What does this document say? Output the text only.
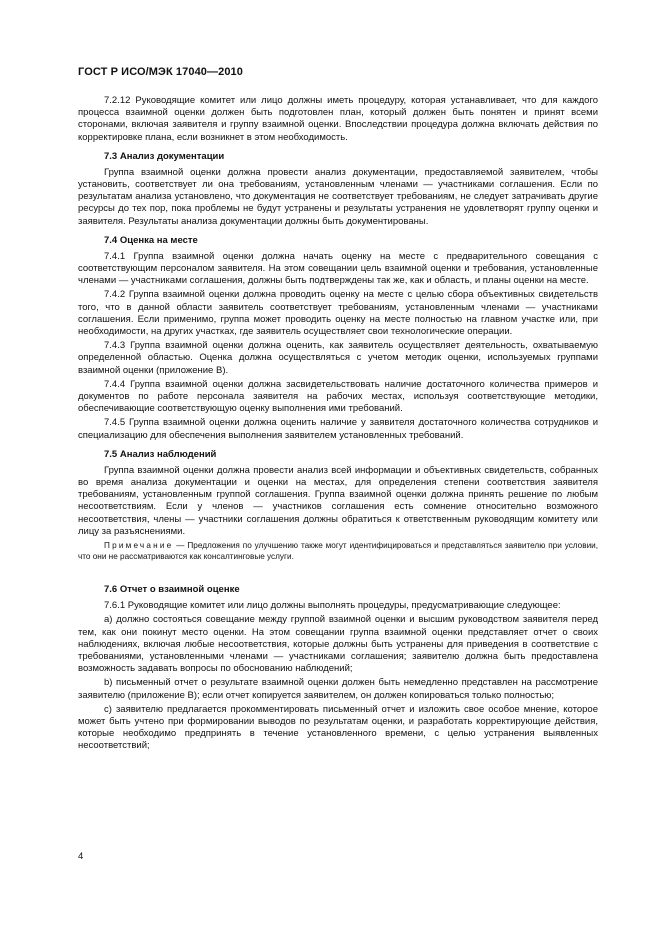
ГОСТ Р ИСО/МЭК 17040—2010

7.2.12 Руководящие комитет или лицо должны иметь процедуру, которая устанавливает, что для каждого процесса взаимной оценки должен быть подготовлен план, который должен быть понятен и принят всеми сторонами, включая заявителя и группу взаимной оценки. Впоследствии процедура должна включать действия по корректировке плана, если возникнет в этом необходимость.

7.3 Анализ документации

Группа взаимной оценки должна провести анализ документации, предоставляемой заявителем, чтобы установить, соответствует ли она требованиям, установленным членами — участниками соглашения. Если по результатам анализа установлено, что документация не соответствует требованиям, не следует затрачивать другие ресурсы до тех пор, пока проблемы не будут устранены и результаты устранения не удовлетворят группу оценки и заявителя. Результаты анализа документации должны быть документированы.

7.4 Оценка на месте

7.4.1 Группа взаимной оценки должна начать оценку на месте с предварительного совещания с соответствующим персоналом заявителя. На этом совещании цель взаимной оценки и требования, установленные членами — участниками соглашения, должны быть подтверждены так же, как и область, и планы оценки на месте.

7.4.2 Группа взаимной оценки должна проводить оценку на месте с целью сбора объективных свидетельств того, что в данной области заявитель соответствует требованиям, установленным членами — участниками соглашения. Если применимо, группа может проводить оценку на месте полностью на главном участке или, при необходимости, на других участках, где заявитель осуществляет свои технологические операции.

7.4.3 Группа взаимной оценки должна оценить, как заявитель осуществляет деятельность, охватываемую определенной областью. Оценка должна осуществляться с учетом методик оценки, используемых группами взаимной оценки (приложение В).

7.4.4 Группа взаимной оценки должна засвидетельствовать наличие достаточного количества примеров и документов по работе персонала заявителя на рабочих местах, используя соответствующие методики, обеспечивающие соответствующую оценку выполнения ими требований.

7.4.5 Группа взаимной оценки должна оценить наличие у заявителя достаточного количества сотрудников и специализацию для обеспечения выполнения заявителем установленных требований.

7.5 Анализ наблюдений

Группа взаимной оценки должна провести анализ всей информации и объективных свидетельств, собранных во время анализа документации и оценки на местах, для определения степени соответствия заявителя требованиям, установленным группой соглашения. Группа взаимной оценки должна принять решение по любым несоответствиям. Если у членов — участников соглашения есть сомнение относительно возможного несоответствия, члены — участники соглашения должны обратиться к ответственным руководящим комитету или лицу за разъяснениями.

Примечание — Предложения по улучшению также могут идентифицироваться и представляться заявителю при условии, что они не рассматриваются как консалтинговые услуги.

7.6 Отчет о взаимной оценке

7.6.1 Руководящие комитет или лицо должны выполнять процедуры, предусматривающие следующее:

а) должно состояться совещание между группой взаимной оценки и высшим руководством заявителя перед тем, как они покинут место оценки. На этом совещании группа взаимной оценки представляет отчет о своих наблюдениях, включая любые несоответствия, которые должны быть устранены для приведения в соответствие с требованиями, установленными членами — участниками соглашения; заявителю должна быть предоставлена возможность задавать вопросы по обоснованию наблюдений;

b) письменный отчет о результате взаимной оценки должен быть немедленно представлен на рассмотрение заявителю (приложение В); если отчет копируется заявителем, он должен копироваться только полностью;

c) заявителю предлагается прокомментировать письменный отчет и изложить свое особое мнение, которое может быть учтено при формировании выводов по результатам оценки, и разработать корректирующие действия, которые необходимо предпринять в течение установленного времени, с целью устранения выявленных несоответствий;

4
